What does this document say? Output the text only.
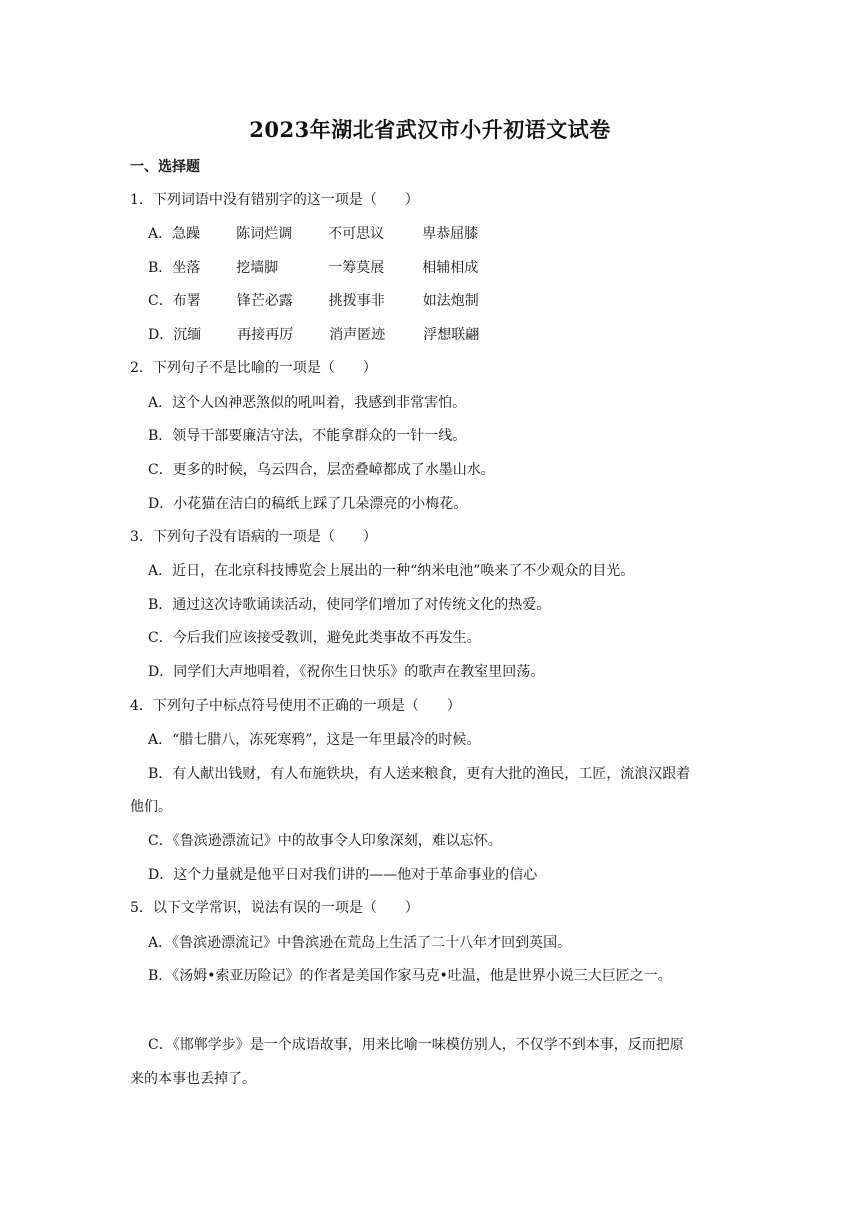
2023年湖北省武汉市小升初语文试卷
一、选择题
1．下列词语中没有错别字的这一项是（　　）
A．急躁	陈词烂调	不可思议	卑恭屈膝
B．坐落	挖墙脚	一筹莫展	相辅相成
C．布署	锋芒必露	挑拨事非	如法炮制
D．沉缅	再接再厉	消声匿迹	浮想联翩
2．下列句子不是比喻的一项是（　　）
A．这个人凶神恶煞似的吼叫着，我感到非常害怕。
B．领导干部要廉洁守法，不能拿群众的一针一线。
C．更多的时候，乌云四合，层峦叠嶂都成了水墨山水。
D．小花猫在洁白的稿纸上踩了几朵漂亮的小梅花。
3．下列句子没有语病的一项是（　　）
A．近日，在北京科技博览会上展出的一种“纳米电池”唤来了不少观众的目光。
B．通过这次诗歌诵读活动，使同学们增加了对传统文化的热爱。
C．今后我们应该接受教训，避免此类事故不再发生。
D．同学们大声地唱着，《祝你生日快乐》的歌声在教室里回荡。
4．下列句子中标点符号使用不正确的一项是（　　）
A．“腊七腊八，冻死寒鸦”，这是一年里最冷的时候。
B．有人献出钱财，有人布施铁块，有人送来粮食，更有大批的渔民，工匠，流浪汉跟着
他们。
C．《鲁滨逊漂流记》中的故事令人印象深刻，难以忘怀。
D．这个力量就是他平日对我们讲的——他对于革命事业的信心
5．以下文学常识，说法有误的一项是（　　）
A．《鲁滨逊漂流记》中鲁滨逊在荒岛上生活了二十八年才回到英国。
B．《汤姆•索亚历险记》的作者是美国作家马克•吐温，他是世界小说三大巨匠之一。
C．《邯郸学步》是一个成语故事，用来比喻一味模仿别人，不仅学不到本事，反而把原
来的本事也丢掉了。
